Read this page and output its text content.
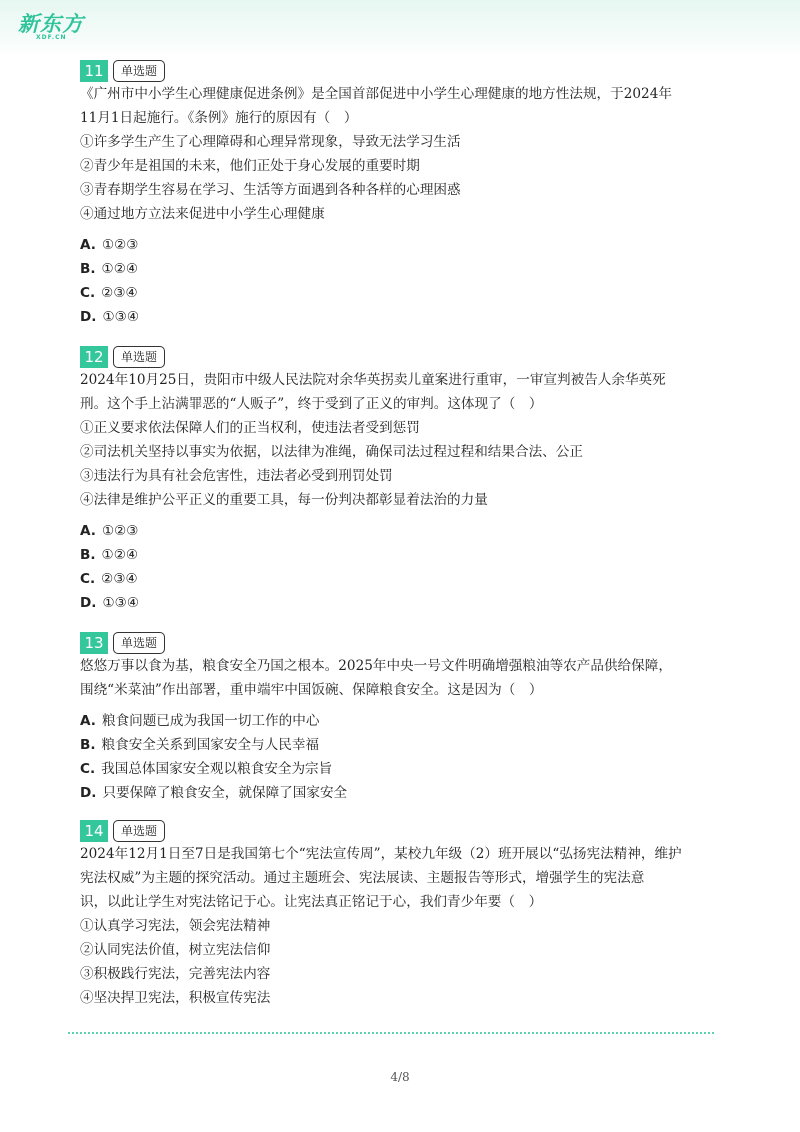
新东方
XDF.CN
11	单选题
《广州市中小学生心理健康促进条例》是全国首部促进中小学生心理健康的地方性法规，于2024年
11月1日起施行。《条例》施行的原因有（　）
①许多学生产生了心理障碍和心理异常现象，导致无法学习生活
②青少年是祖国的未来，他们正处于身心发展的重要时期
③青春期学生容易在学习、生活等方面遇到各种各样的心理困惑
④通过地方立法来促进中小学生心理健康
A. ①②③
B. ①②④
C. ②③④
D. ①③④
12	单选题
2024年10月25日，贵阳市中级人民法院对余华英拐卖儿童案进行重审，一审宣判被告人余华英死
刑。这个手上沾满罪恶的“人贩子”，终于受到了正义的审判。这体现了（　）
①正义要求依法保障人们的正当权利，使违法者受到惩罚
②司法机关坚持以事实为依据，以法律为准绳，确保司法过程过程和结果合法、公正
③违法行为具有社会危害性，违法者必受到刑罚处罚
④法律是维护公平正义的重要工具，每一份判决都彰显着法治的力量
A. ①②③
B. ①②④
C. ②③④
D. ①③④
13	单选题
悠悠万事以食为基，粮食安全乃国之根本。2025年中央一号文件明确增强粮油等农产品供给保障，
围绕“米菜油”作出部署，重申端牢中国饭碗、保障粮食安全。这是因为（　）
A. 粮食问题已成为我国一切工作的中心
B. 粮食安全关系到国家安全与人民幸福
C. 我国总体国家安全观以粮食安全为宗旨
D. 只要保障了粮食安全，就保障了国家安全
14	单选题
2024年12月1日至7日是我国第七个“宪法宣传周”，某校九年级（2）班开展以“弘扬宪法精神，维护
宪法权威”为主题的探究活动。通过主题班会、宪法展读、主题报告等形式，增强学生的宪法意
识，以此让学生对宪法铭记于心。让宪法真正铭记于心，我们青少年要（　）
①认真学习宪法，领会宪法精神
②认同宪法价值，树立宪法信仰
③积极践行宪法，完善宪法内容
④坚决捍卫宪法，积极宣传宪法
4/8
